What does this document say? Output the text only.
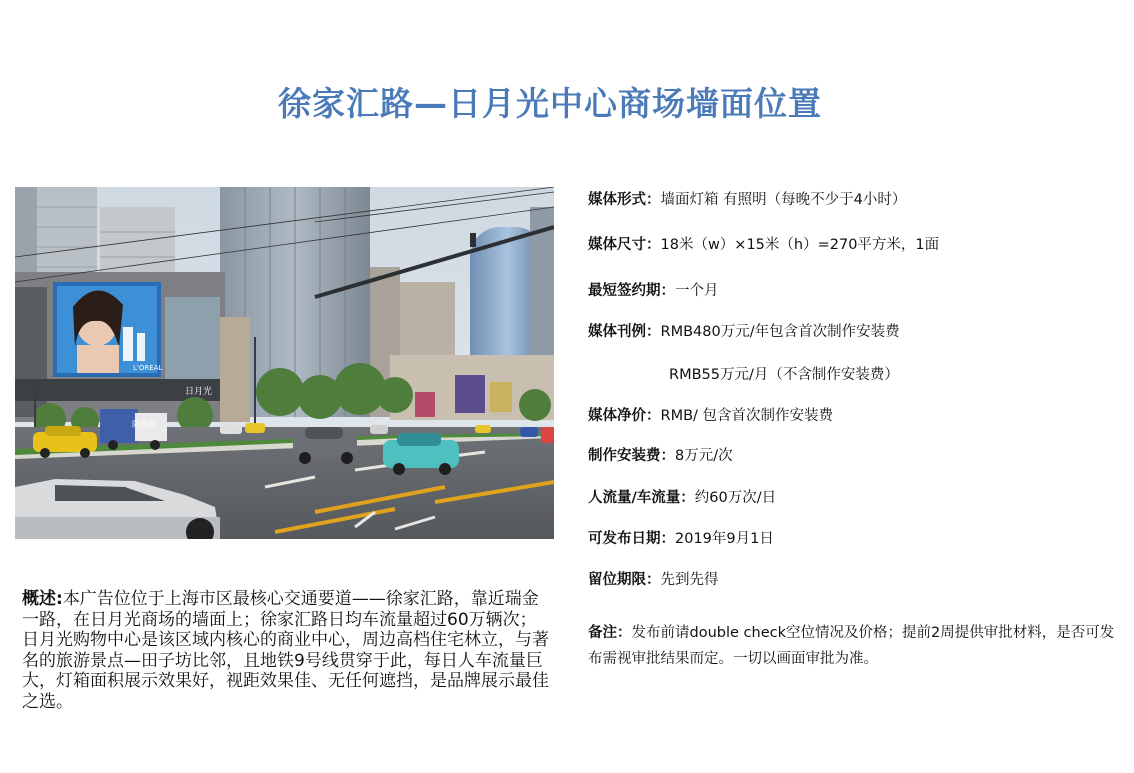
徐家汇路—日月光中心商场墙面位置
L'OREAL
日月光
陆地港
概述:本广告位位于上海市区最核心交通要道——徐家汇路，靠近瑞金一路，在日月光商场的墙面上；徐家汇路日均车流量超过60万辆次；日月光购物中心是该区域内核心的商业中心，周边高档住宅林立，与著名的旅游景点—田子坊比邻，且地铁9号线贯穿于此，每日人车流量巨大，灯箱面积展示效果好，视距效果佳、无任何遮挡，是品牌展示最佳之选。
媒体形式：墙面灯箱 有照明（每晚不少于4小时）
媒体尺寸：18米（w）×15米（h）=270平方米，1面
最短签约期：一个月
媒体刊例：RMB480万元/年包含首次制作安装费
RMB55万元/月（不含制作安装费）
媒体净价：RMB/ 包含首次制作安装费
制作安装费：8万元/次
人流量/车流量：约60万次/日
可发布日期：2019年9月1日
留位期限：先到先得
备注：发布前请double check空位情况及价格；提前2周提供审批材料，是否可发布需视审批结果而定。一切以画面审批为准。
